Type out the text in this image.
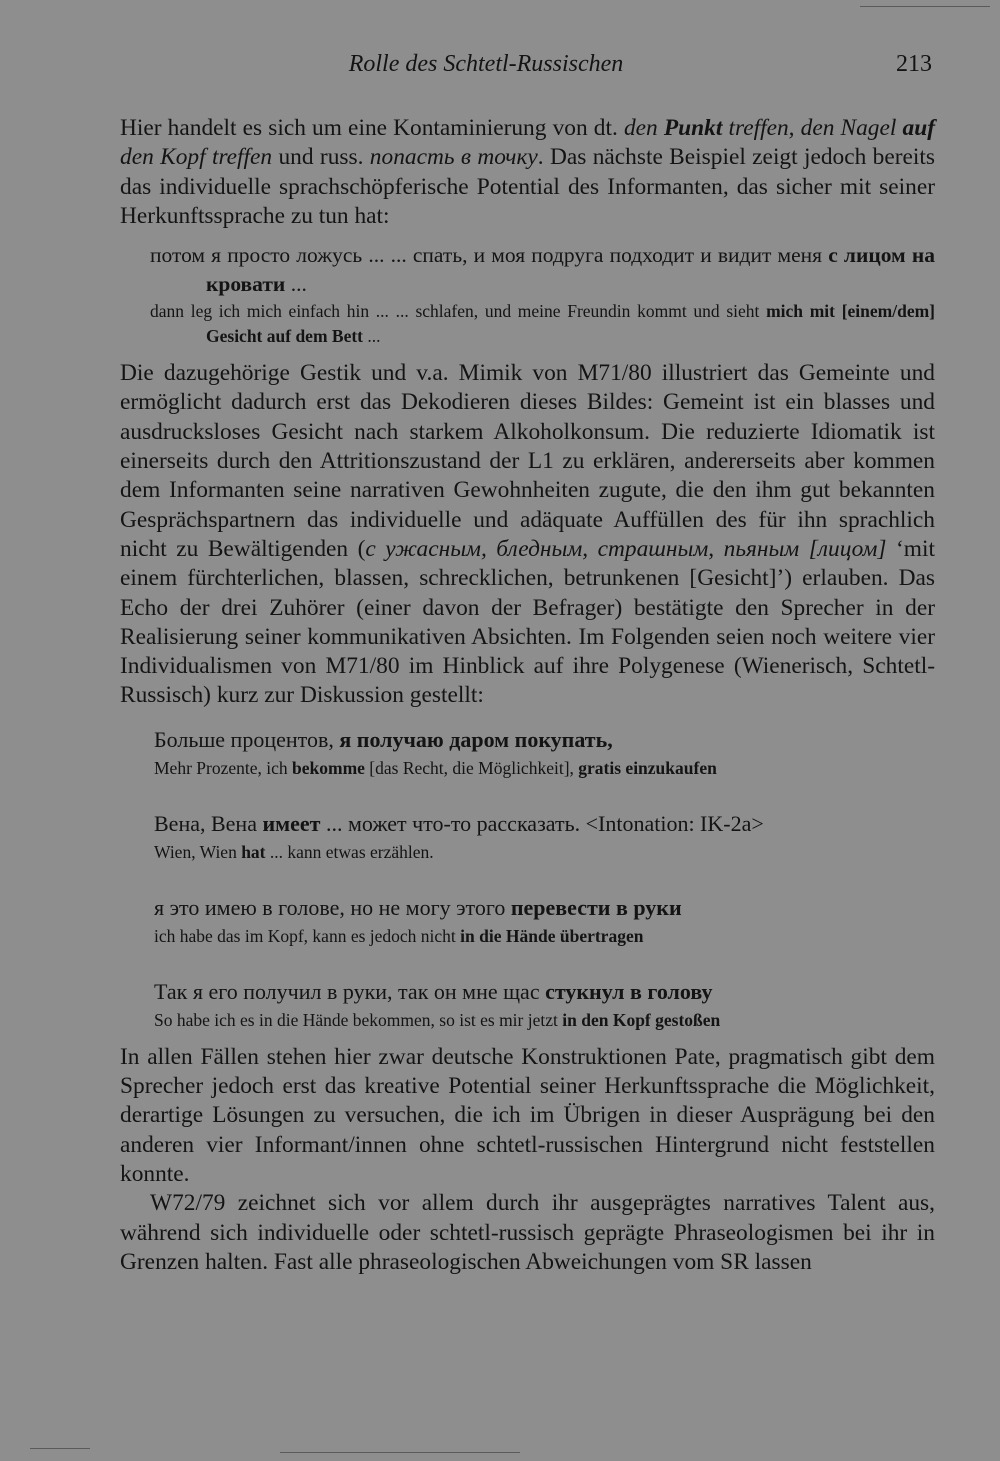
Rolle des Schtetl-Russischen	213

Hier handelt es sich um eine Kontaminierung von dt. den Punkt treffen, den Nagel auf den Kopf treffen und russ. попасть в точку. Das nächste Beispiel zeigt jedoch bereits das individuelle sprachschöpferische Potential des Informanten, das sicher mit seiner Herkunftssprache zu tun hat:

потом я просто ложусь ... ... спать, и моя подруга подходит и видит меня с лицом на кровати ...
dann leg ich mich einfach hin ... ... schlafen, und meine Freundin kommt und sieht mich mit [einem/dem] Gesicht auf dem Bett ...

Die dazugehörige Gestik und v.a. Mimik von M71/80 illustriert das Gemeinte und ermöglicht dadurch erst das Dekodieren dieses Bildes: Gemeint ist ein blasses und ausdrucksloses Gesicht nach starkem Alkoholkonsum. Die reduzierte Idiomatik ist einerseits durch den Attritionszustand der L1 zu erklären, andererseits aber kommen dem Informanten seine narrativen Gewohnheiten zugute, die den ihm gut bekannten Gesprächspartnern das individuelle und adäquate Auffüllen des für ihn sprachlich nicht zu Bewältigenden (с ужасным, бледным, страшным, пьяным [лицом] ‘mit einem fürchterlichen, blassen, schrecklichen, betrunkenen [Gesicht]’) erlauben. Das Echo der drei Zuhörer (einer davon der Befrager) bestätigte den Sprecher in der Realisierung seiner kommunikativen Absichten. Im Folgenden seien noch weitere vier Individualismen von M71/80 im Hinblick auf ihre Polygenese (Wienerisch, Schtetl-Russisch) kurz zur Diskussion gestellt:

Больше процентов, я получаю даром покупать,
Mehr Prozente, ich bekomme [das Recht, die Möglichkeit], gratis einzukaufen
Вена, Вена имеет ... может что-то рассказать. <Intonation: IK-2a>
Wien, Wien hat ... kann etwas erzählen.
я это имею в голове, но не могу этого перевести в руки
ich habe das im Kopf, kann es jedoch nicht in die Hände übertragen
Так я его получил в руки, так он мне щас стукнул в голову
So habe ich es in die Hände bekommen, so ist es mir jetzt in den Kopf gestoßen

In allen Fällen stehen hier zwar deutsche Konstruktionen Pate, pragmatisch gibt dem Sprecher jedoch erst das kreative Potential seiner Herkunftssprache die Möglichkeit, derartige Lösungen zu versuchen, die ich im Übrigen in dieser Ausprägung bei den anderen vier Informant/innen ohne schtetl-russischen Hintergrund nicht feststellen konnte.

W72/79 zeichnet sich vor allem durch ihr ausgeprägtes narratives Talent aus, während sich individuelle oder schtetl-russisch geprägte Phraseologismen bei ihr in Grenzen halten. Fast alle phraseologischen Abweichungen vom SR lassen
